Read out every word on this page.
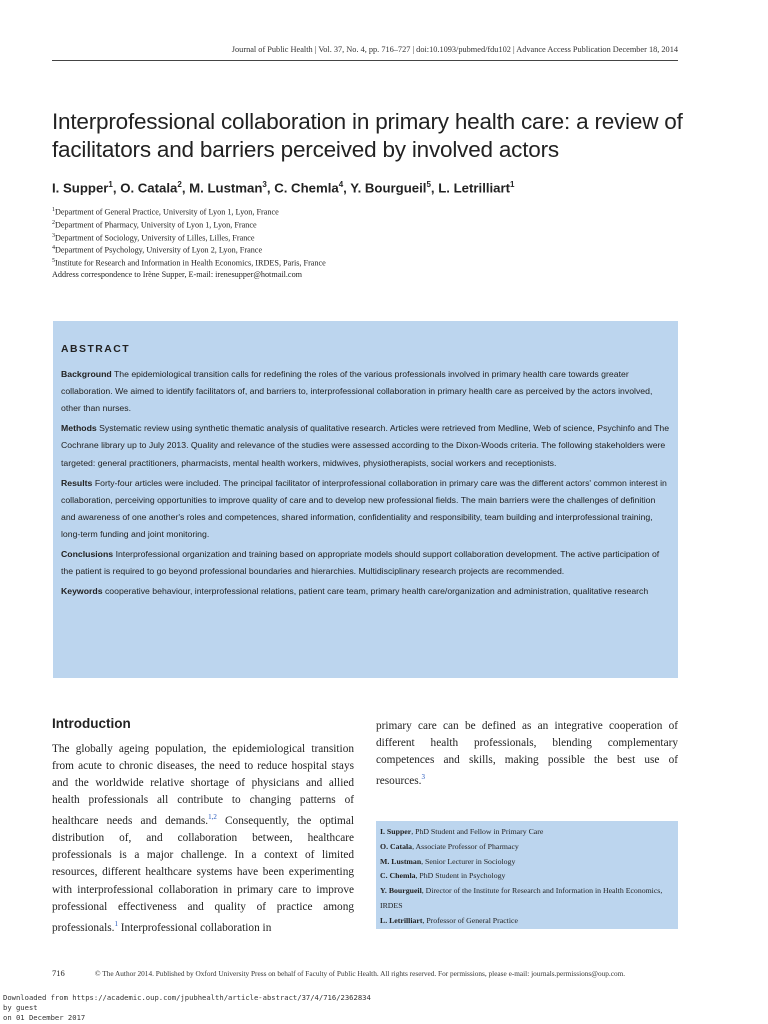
Journal of Public Health | Vol. 37, No. 4, pp. 716–727 | doi:10.1093/pubmed/fdu102 | Advance Access Publication December 18, 2014
Interprofessional collaboration in primary health care: a review of facilitators and barriers perceived by involved actors
I. Supper$^1$, O. Catala$^2$, M. Lustman$^3$, C. Chemla$^4$, Y. Bourgueil$^5$, L. Letrilliart$^1$
$^1$Department of General Practice, University of Lyon 1, Lyon, France
$^2$Department of Pharmacy, University of Lyon 1, Lyon, France
$^3$Department of Sociology, University of Lilles, Lilles, France
$^4$Department of Psychology, University of Lyon 2, Lyon, France
$^5$Institute for Research and Information in Health Economics, IRDES, Paris, France
Address correspondence to Irène Supper, E-mail: irenesupper@hotmail.com
ABSTRACT

Background The epidemiological transition calls for redefining the roles of the various professionals involved in primary health care towards greater collaboration. We aimed to identify facilitators of, and barriers to, interprofessional collaboration in primary health care as perceived by the actors involved, other than nurses.

Methods Systematic review using synthetic thematic analysis of qualitative research. Articles were retrieved from Medline, Web of science, Psychinfo and The Cochrane library up to July 2013. Quality and relevance of the studies were assessed according to the Dixon-Woods criteria. The following stakeholders were targeted: general practitioners, pharmacists, mental health workers, midwives, physiotherapists, social workers and receptionists.

Results Forty-four articles were included. The principal facilitator of interprofessional collaboration in primary care was the different actors' common interest in collaboration, perceiving opportunities to improve quality of care and to develop new professional fields. The main barriers were the challenges of definition and awareness of one another's roles and competences, shared information, confidentiality and responsibility, team building and interprofessional training, long-term funding and joint monitoring.

Conclusions Interprofessional organization and training based on appropriate models should support collaboration development. The active participation of the patient is required to go beyond professional boundaries and hierarchies. Multidisciplinary research projects are recommended.

Keywords cooperative behaviour, interprofessional relations, patient care team, primary health care/organization and administration, qualitative research

Introduction

The globally ageing population, the epidemiological transition from acute to chronic diseases, the need to reduce hospital stays and the worldwide relative shortage of physicians and allied health professionals all contribute to changing patterns of healthcare needs and demands.$^{1,2}$ Consequently, the optimal distribution of, and collaboration between, healthcare professionals is a major challenge. In a context of limited resources, different healthcare systems have been experimenting with interprofessional collaboration in primary care to improve professional effectiveness and quality of practice among professionals.$^1$ Interprofessional collaboration in

primary care can be defined as an integrative cooperation of different health professionals, blending complementary competences and skills, making possible the best use of resources.$^3$

I. Supper, PhD Student and Fellow in Primary Care
O. Catala, Associate Professor of Pharmacy
M. Lustman, Senior Lecturer in Sociology
C. Chemla, PhD Student in Psychology
Y. Bourgueil, Director of the Institute for Research and Information in Health Economics, IRDES
L. Letrilliart, Professor of General Practice
716	© The Author 2014. Published by Oxford University Press on behalf of Faculty of Public Health. All rights reserved. For permissions, please e-mail: journals.permissions@oup.com.
Downloaded from https://academic.oup.com/jpubhealth/article-abstract/37/4/716/2362834
by guest
on 01 December 2017
